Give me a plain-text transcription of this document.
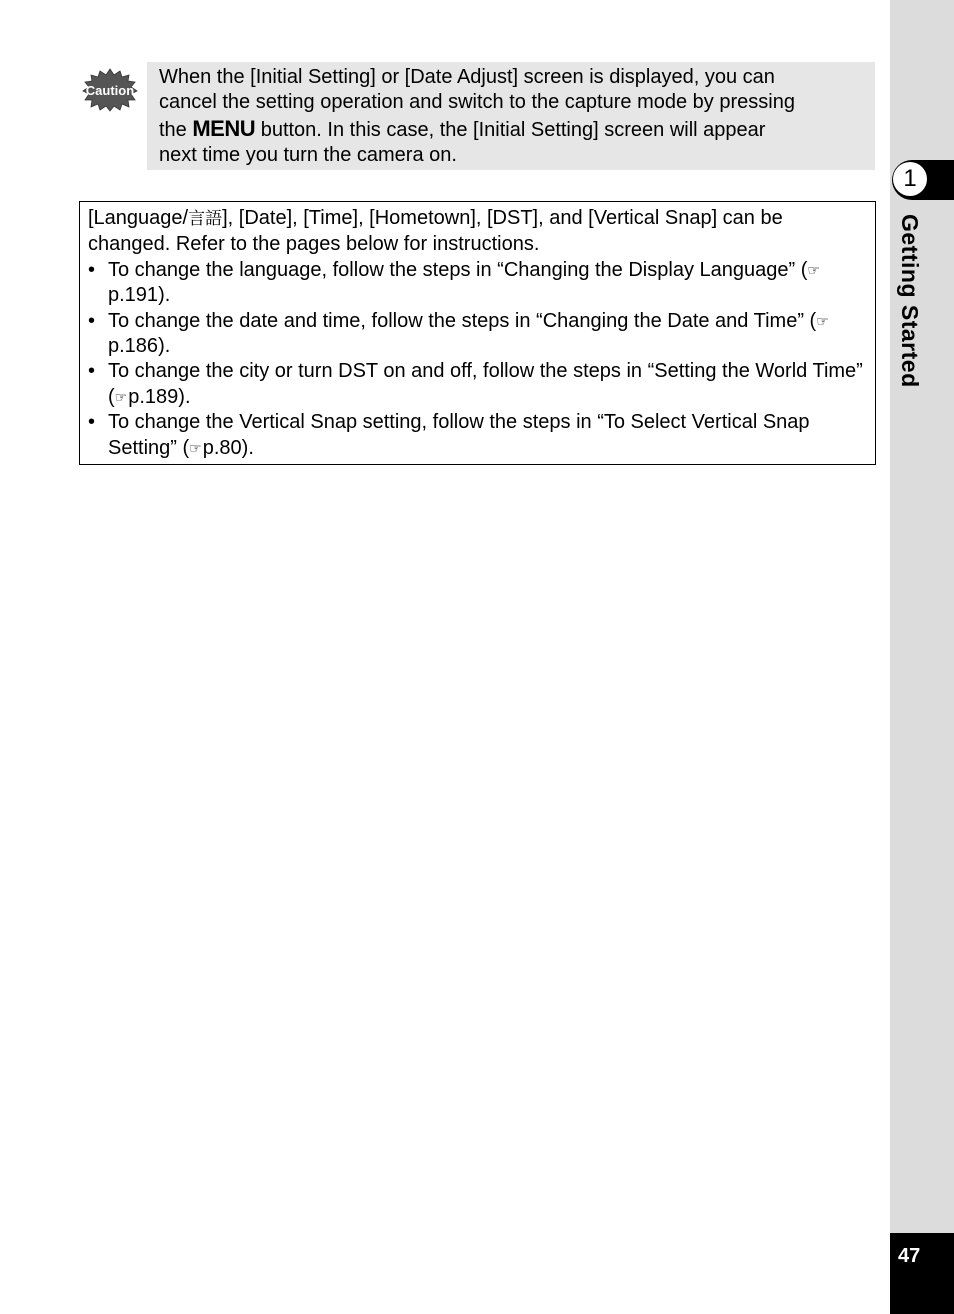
1
Getting Started
47
Caution
When the [Initial Setting] or [Date Adjust] screen is displayed, you can
cancel the setting operation and switch to the capture mode by pressing
the MENU button. In this case, the [Initial Setting] screen will appear
next time you turn the camera on.

[Language/言語], [Date], [Time], [Hometown], [DST], and [Vertical Snap] can be changed. Refer to the pages below for instructions.

• To change the language, follow the steps in “Changing the Display Language” (☞p.191).
• To change the date and time, follow the steps in “Changing the Date and Time” (☞p.186).
• To change the city or turn DST on and off, follow the steps in “Setting the World Time” (☞p.189).
• To change the Vertical Snap setting, follow the steps in “To Select Vertical Snap Setting” (☞p.80).
